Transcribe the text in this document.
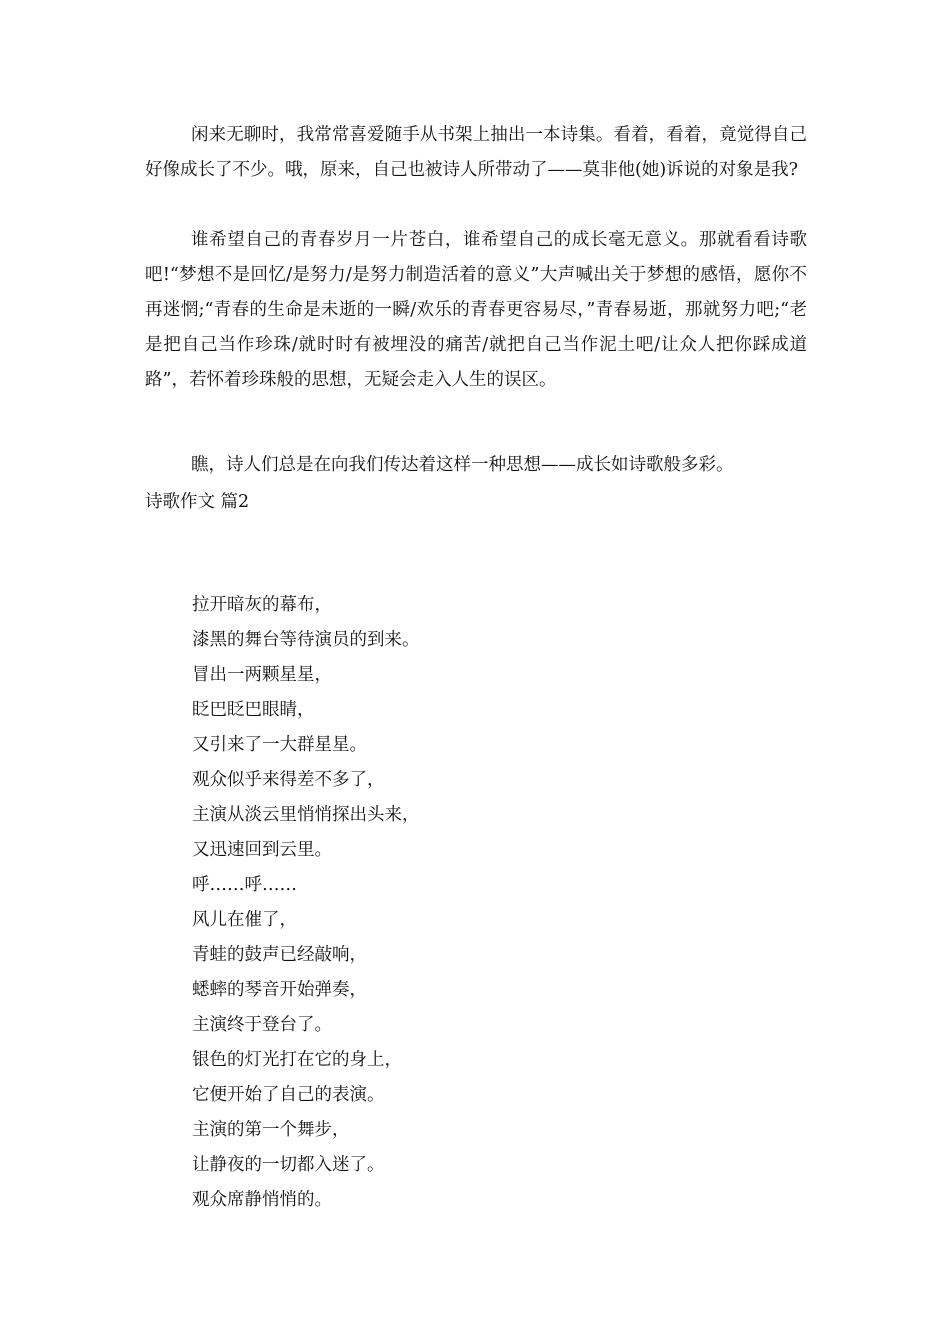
闲来无聊时，我常常喜爱随手从书架上抽出一本诗集。看着，看着，竟觉得自己好像成长了不少。哦，原来，自己也被诗人所带动了——莫非他(她)诉说的对象是我?

谁希望自己的青春岁月一片苍白，谁希望自己的成长毫无意义。那就看看诗歌吧!“梦想不是回忆/是努力/是努力制造活着的意义”大声喊出关于梦想的感悟，愿你不再迷惘;“青春的生命是未逝的一瞬/欢乐的青春更容易尽，”青春易逝，那就努力吧;“老是把自己当作珍珠/就时时有被埋没的痛苦/就把自己当作泥土吧/让众人把你踩成道路”，若怀着珍珠般的思想，无疑会走入人生的误区。

瞧，诗人们总是在向我们传达着这样一种思想——成长如诗歌般多彩。

诗歌作文 篇2
拉开暗灰的幕布，
漆黑的舞台等待演员的到来。
冒出一两颗星星，
眨巴眨巴眼睛，
又引来了一大群星星。
观众似乎来得差不多了，
主演从淡云里悄悄探出头来，
又迅速回到云里。
呼……呼……
风儿在催了，
青蛙的鼓声已经敲响，
蟋蟀的琴音开始弹奏，
主演终于登台了。
银色的灯光打在它的身上，
它便开始了自己的表演。
主演的第一个舞步，
让静夜的一切都入迷了。
观众席静悄悄的。
